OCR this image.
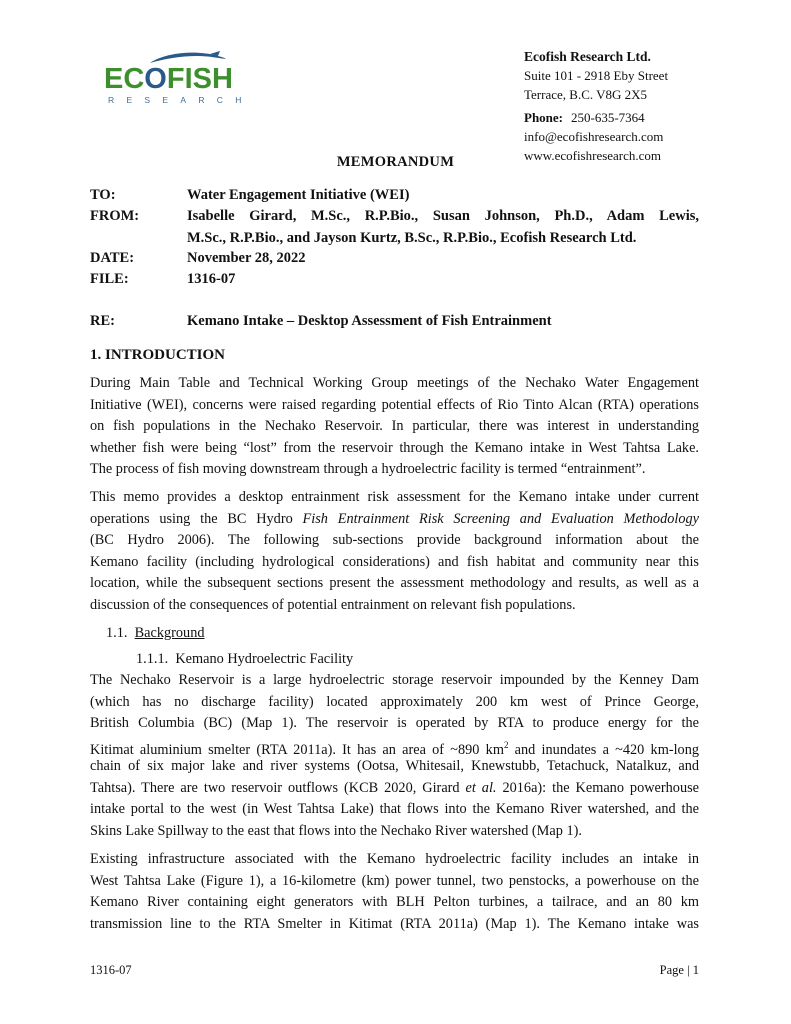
ECOFISH
RESEARCH
Ecofish Research Ltd.
Suite 101 - 2918 Eby Street
Terrace, B.C. V8G 2X5
Phone: 250-635-7364
info@ecofishresearch.com
www.ecofishresearch.com
MEMORANDUM
TO:	Water Engagement Initiative (WEI)
FROM:	Isabelle Girard, M.Sc., R.P.Bio., Susan Johnson, Ph.D., Adam Lewis,
M.Sc., R.P.Bio., and Jayson Kurtz, B.Sc., R.P.Bio., Ecofish Research Ltd.
DATE:	November 28, 2022
FILE:	1316-07
RE:	Kemano Intake – Desktop Assessment of Fish Entrainment
1. INTRODUCTION
During Main Table and Technical Working Group meetings of the Nechako Water Engagement
Initiative (WEI), concerns were raised regarding potential effects of Rio Tinto Alcan (RTA) operations
on fish populations in the Nechako Reservoir. In particular, there was interest in understanding
whether fish were being “lost” from the reservoir through the Kemano intake in West Tahtsa Lake.
The process of fish moving downstream through a hydroelectric facility is termed “entrainment”.
This memo provides a desktop entrainment risk assessment for the Kemano intake under current
operations using the BC Hydro Fish Entrainment Risk Screening and Evaluation Methodology
(BC Hydro 2006). The following sub-sections provide background information about the
Kemano facility (including hydrological considerations) and fish habitat and community near this
location, while the subsequent sections present the assessment methodology and results, as well as a
discussion of the consequences of potential entrainment on relevant fish populations.
1.1. Background
1.1.1. Kemano Hydroelectric Facility
The Nechako Reservoir is a large hydroelectric storage reservoir impounded by the Kenney Dam
(which has no discharge facility) located approximately 200 km west of Prince George,
British Columbia (BC) (Map 1). The reservoir is operated by RTA to produce energy for the
Kitimat aluminium smelter (RTA 2011a). It has an area of ~890 $km^2$ and inundates a ~420 km-long
chain of six major lake and river systems (Ootsa, Whitesail, Knewstubb, Tetachuck, Natalkuz, and
Tahtsa). There are two reservoir outflows (KCB 2020, Girard et al. 2016a): the Kemano powerhouse
intake portal to the west (in West Tahtsa Lake) that flows into the Kemano River watershed, and the
Skins Lake Spillway to the east that flows into the Nechako River watershed (Map 1).
Existing infrastructure associated with the Kemano hydroelectric facility includes an intake in
West Tahtsa Lake (Figure 1), a 16-kilometre (km) power tunnel, two penstocks, a powerhouse on the
Kemano River containing eight generators with BLH Pelton turbines, a tailrace, and an 80 km
transmission line to the RTA Smelter in Kitimat (RTA 2011a) (Map 1). The Kemano intake was
1316-07	Page | 1
